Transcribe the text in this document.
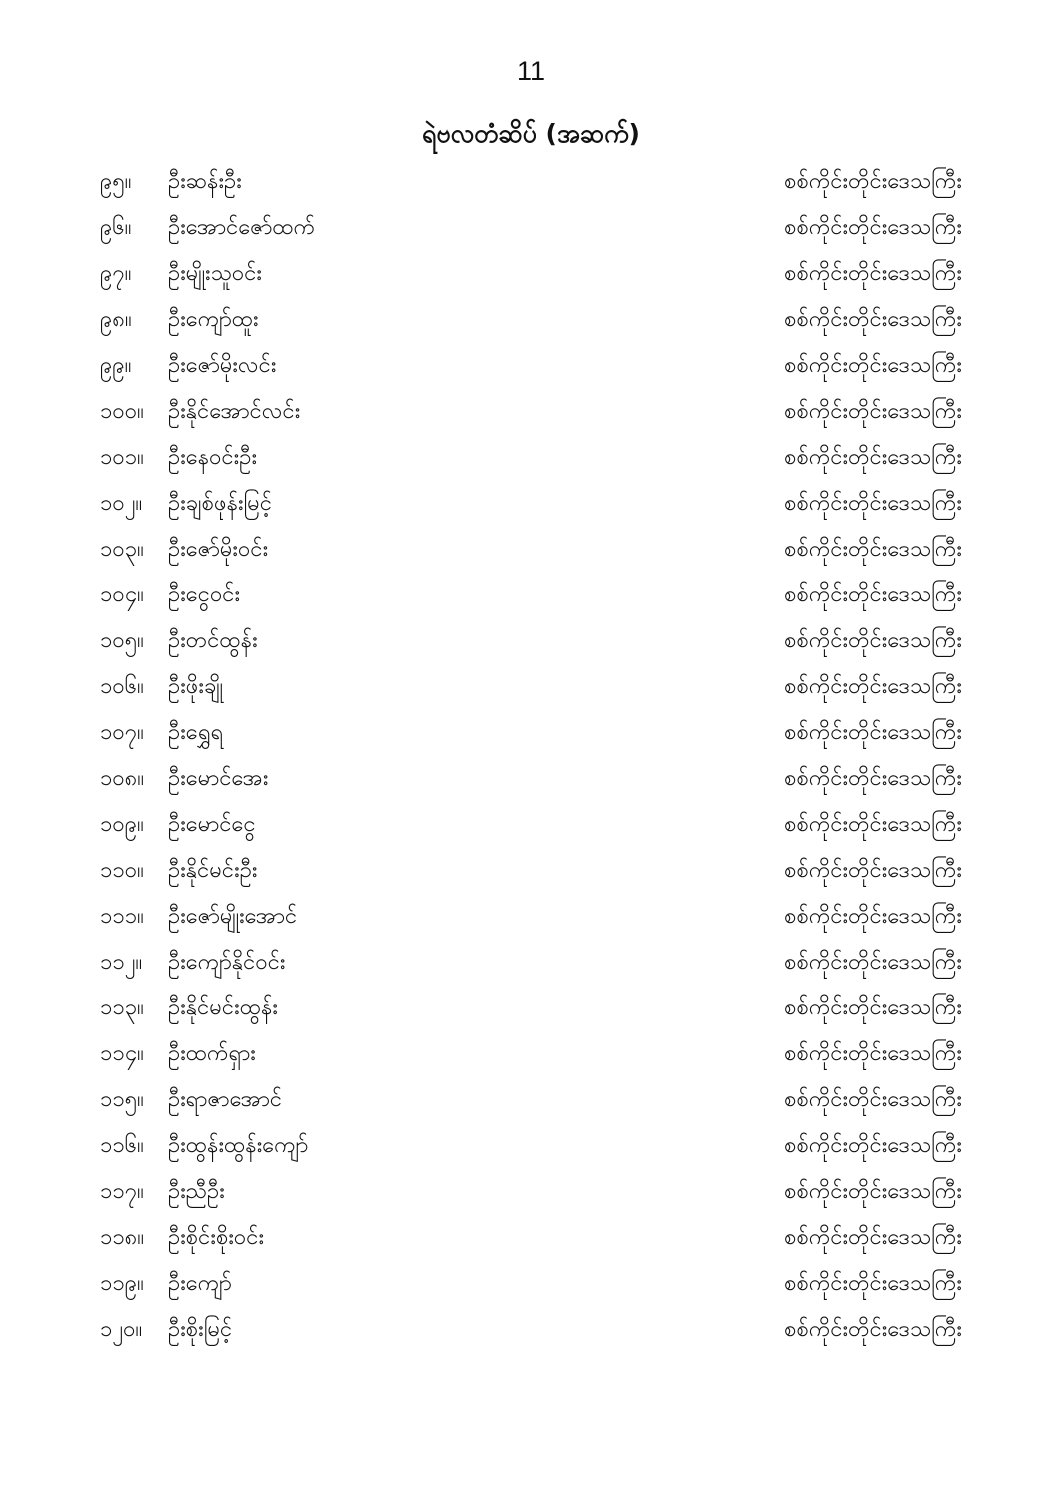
11
ရဲဗလတံဆိပ် (အဆက်)
၉၅။	ဦးဆန်းဦး	စစ်ကိုင်းတိုင်းဒေသကြီး
၉၆။	ဦးအောင်ဇော်ထက်	စစ်ကိုင်းတိုင်းဒေသကြီး
၉၇။	ဦးမျိုးသူဝင်း	စစ်ကိုင်းတိုင်းဒေသကြီး
၉၈။	ဦးကျော်ထူး	စစ်ကိုင်းတိုင်းဒေသကြီး
၉၉။	ဦးဇော်မိုးလင်း	စစ်ကိုင်းတိုင်းဒေသကြီး
၁၀၀။	ဦးနိုင်အောင်လင်း	စစ်ကိုင်းတိုင်းဒေသကြီး
၁၀၁။	ဦးနေဝင်းဦး	စစ်ကိုင်းတိုင်းဒေသကြီး
၁၀၂။	ဦးချစ်ဖုန်းမြင့်	စစ်ကိုင်းတိုင်းဒေသကြီး
၁၀၃။	ဦးဇော်မိုးဝင်း	စစ်ကိုင်းတိုင်းဒေသကြီး
၁၀၄။	ဦးငွေဝင်း	စစ်ကိုင်းတိုင်းဒေသကြီး
၁၀၅။	ဦးတင်ထွန်း	စစ်ကိုင်းတိုင်းဒေသကြီး
၁၀၆။	ဦးဖိုးချို	စစ်ကိုင်းတိုင်းဒေသကြီး
၁၀၇။	ဦးရွှေရ	စစ်ကိုင်းတိုင်းဒေသကြီး
၁၀၈။	ဦးမောင်အေး	စစ်ကိုင်းတိုင်းဒေသကြီး
၁၀၉။	ဦးမောင်ငွေ	စစ်ကိုင်းတိုင်းဒေသကြီး
၁၁၀။	ဦးနိုင်မင်းဦး	စစ်ကိုင်းတိုင်းဒေသကြီး
၁၁၁။	ဦးဇော်မျိုးအောင်	စစ်ကိုင်းတိုင်းဒေသကြီး
၁၁၂။	ဦးကျော်နိုင်ဝင်း	စစ်ကိုင်းတိုင်းဒေသကြီး
၁၁၃။	ဦးနိုင်မင်းထွန်း	စစ်ကိုင်းတိုင်းဒေသကြီး
၁၁၄။	ဦးထက်ရှား	စစ်ကိုင်းတိုင်းဒေသကြီး
၁၁၅။	ဦးရာဇာအောင်	စစ်ကိုင်းတိုင်းဒေသကြီး
၁၁၆။	ဦးထွန်းထွန်းကျော်	စစ်ကိုင်းတိုင်းဒေသကြီး
၁၁၇။	ဦးညီဦး	စစ်ကိုင်းတိုင်းဒေသကြီး
၁၁၈။	ဦးစိုင်းစိုးဝင်း	စစ်ကိုင်းတိုင်းဒေသကြီး
၁၁၉။	ဦးကျော်	စစ်ကိုင်းတိုင်းဒေသကြီး
၁၂၀။	ဦးစိုးမြင့်	စစ်ကိုင်းတိုင်းဒေသကြီး
